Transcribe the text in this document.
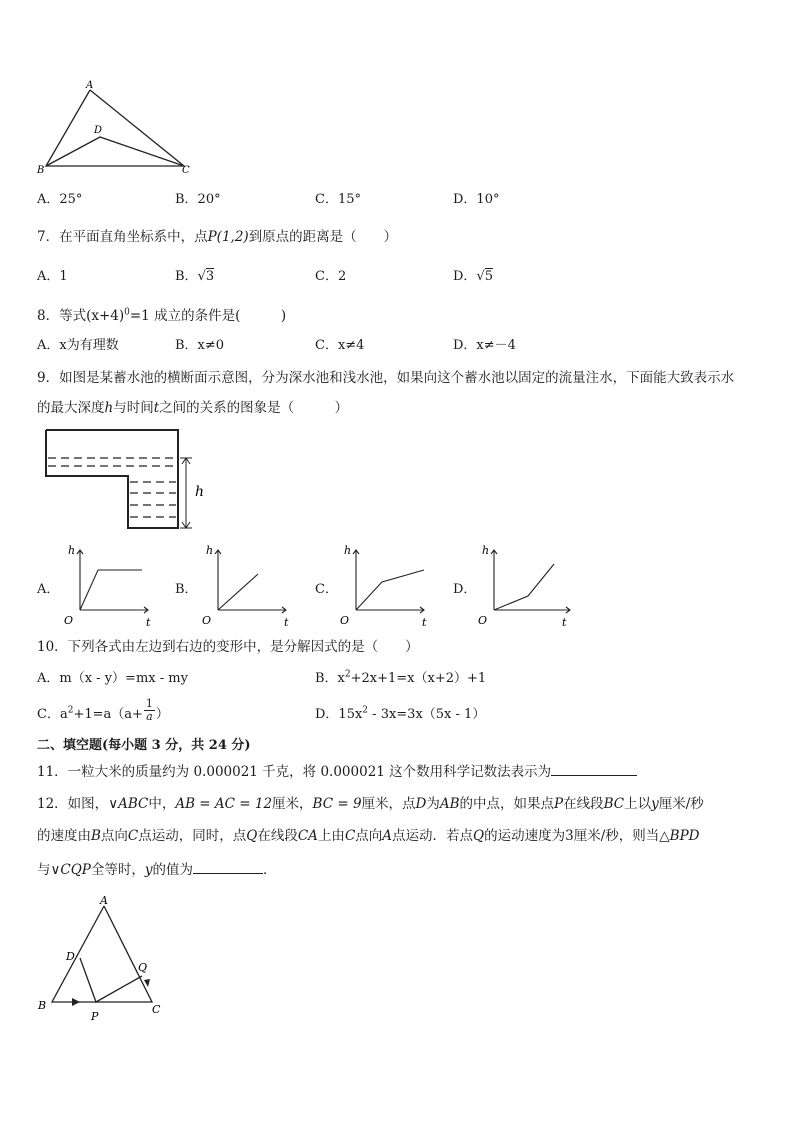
A
B	C
D
A．25°	B．20°	C．15°	D．10°
7．在平面直角坐标系中，点P(1,2)到原点的距离是（　　）
A．1	B．√3	C．2	D．√5
8．等式$(x+4)^0=1$ 成立的条件是(　　　)
A．x为有理数	B．x≠0	C．x≠4	D．x≠－4
9．如图是某蓄水池的横断面示意图，分为深水池和浅水池，如果向这个蓄水池以固定的流量注水，下面能大致表示水
的最大深度h与时间t之间的关系的图象是（　　　）
h
A．
h
t
O
B．
h
t
O
C．
h
t
O
D．
h
t
O
10．下列各式由左边到右边的变形中，是分解因式的是（　　）
A．m（x - y）=mx - my	B．$x^2+2x+1=x(x+2)+1$
C．$a^2+1=a(a+ \frac{1}{a}$ ）	D．$15x^2 - 3x=3x(5x - 1)$
二、填空题(每小题 3 分，共 24 分)
11．一粒大米的质量约为 0.000021 千克，将 0.000021 这个数用科学记数法表示为
12．如图，∨ABC中，AB = AC = 12厘米，BC = 9厘米，点D为AB的中点，如果点P在线段BC上以y厘米/秒
的速度由B点向C点运动，同时，点Q在线段CA上由C点向A点运动．若点Q的运动速度为3厘米/秒，则当△BPD
与∨CQP全等时，y的值为	．
A
B	C
D
P
Q
